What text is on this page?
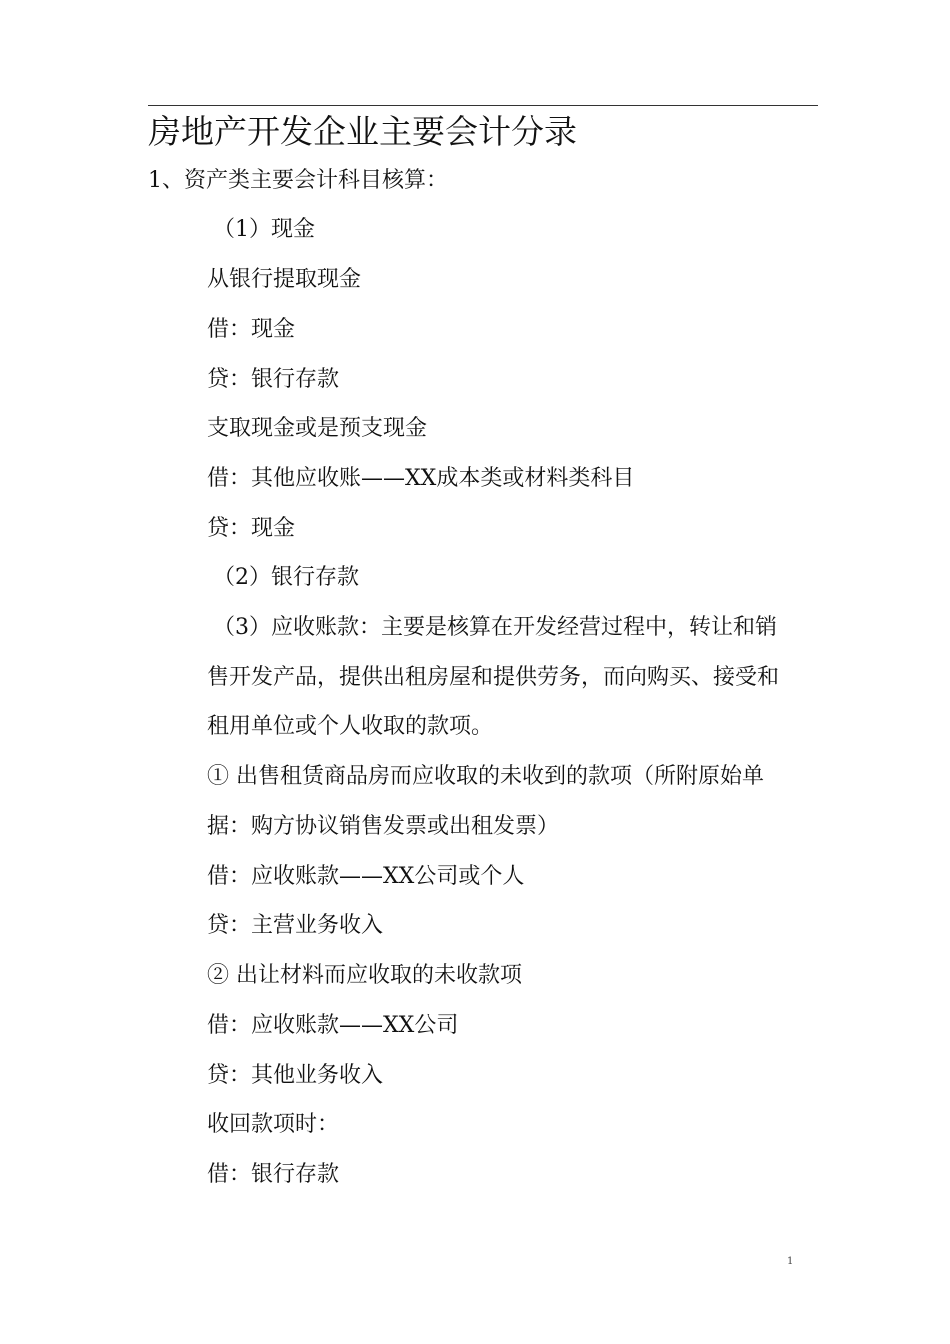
房地产开发企业主要会计分录

1、资产类主要会计科目核算：

（1）现金

从银行提取现金

借：现金

贷：银行存款

支取现金或是预支现金

借：其他应收账——XX成本类或材料类科目

贷：现金

（2）银行存款

（3）应收账款：主要是核算在开发经营过程中，转让和销

售开发产品，提供出租房屋和提供劳务，而向购买、接受和

租用单位或个人收取的款项。

① 出售租赁商品房而应收取的未收到的款项（所附原始单

据：购方协议销售发票或出租发票）

借：应收账款——XX公司或个人

贷：主营业务收入

② 出让材料而应收取的未收款项

借：应收账款——XX公司

贷：其他业务收入

收回款项时：

借：银行存款

1
